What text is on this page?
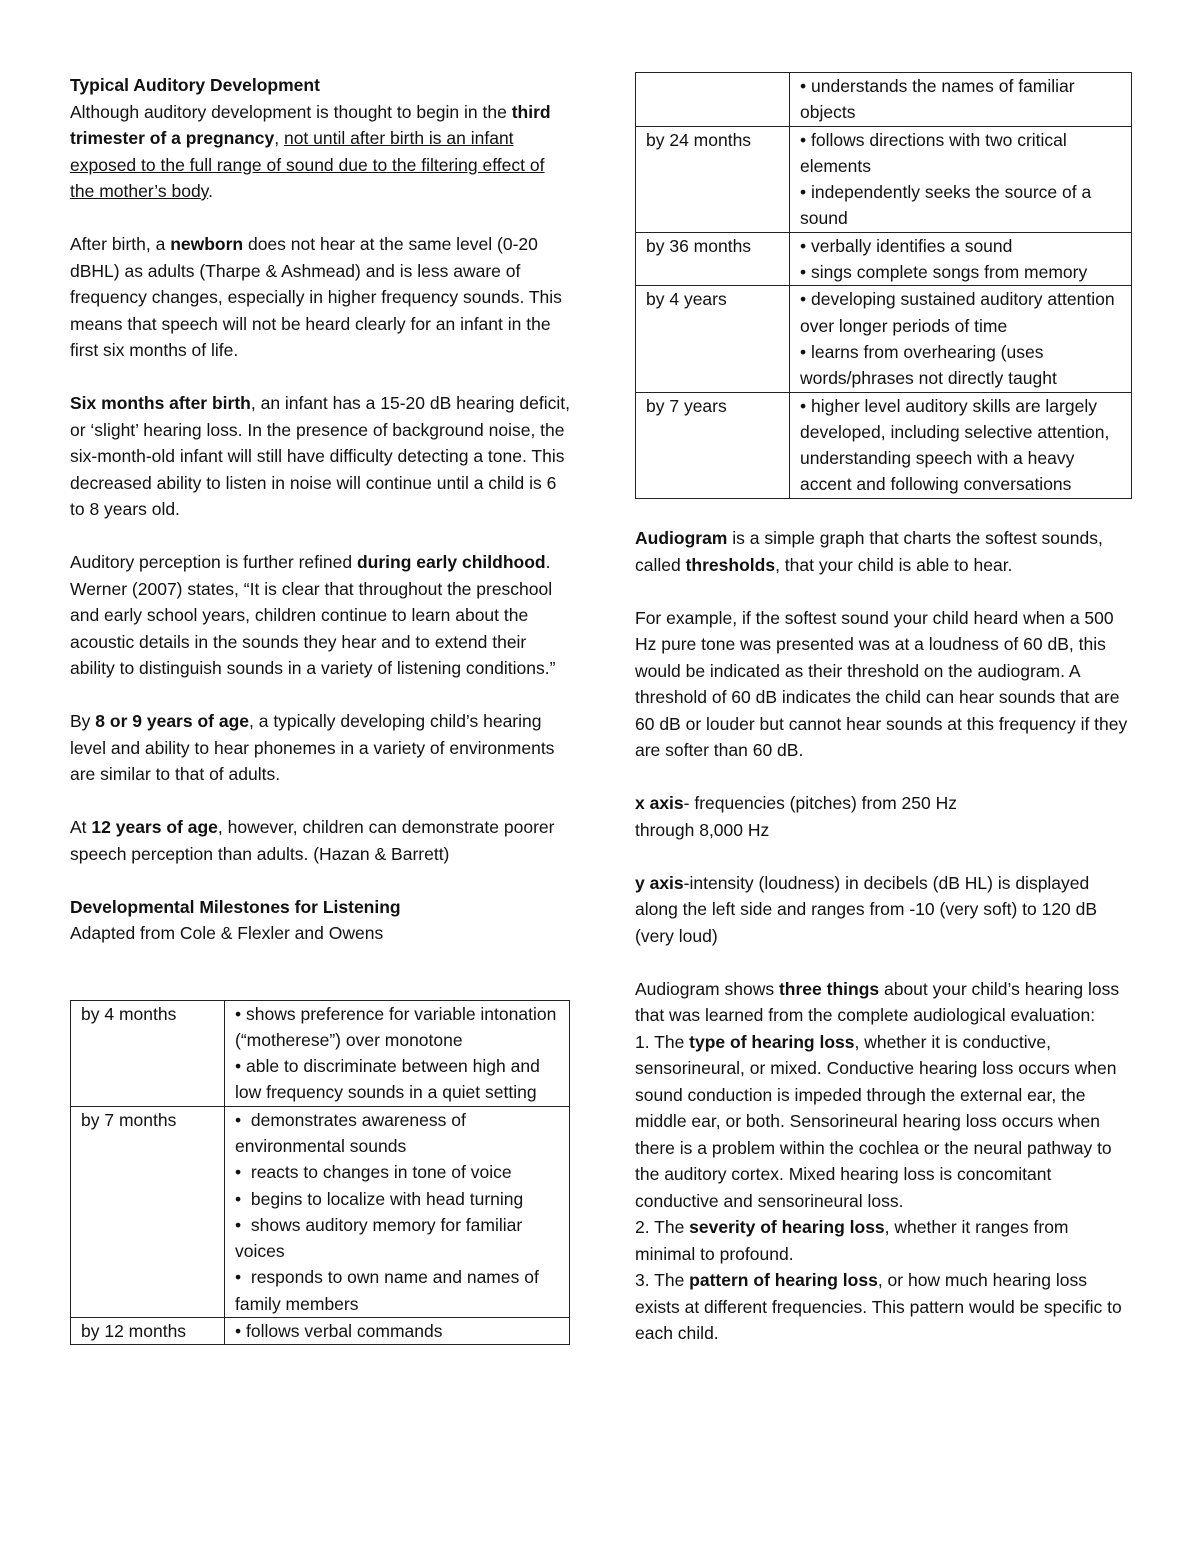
Typical Auditory Development

Although auditory development is thought to begin in the third trimester of a pregnancy, not until after birth is an infant exposed to the full range of sound due to the filtering effect of the mother’s body.

After birth, a newborn does not hear at the same level (0-20 dBHL) as adults (Tharpe & Ashmead) and is less aware of frequency changes, especially in higher frequency sounds. This means that speech will not be heard clearly for an infant in the first six months of life.

Six months after birth, an infant has a 15-20 dB hearing deficit, or ‘slight’ hearing loss. In the presence of background noise, the six-month-old infant will still have difficulty detecting a tone. This decreased ability to listen in noise will continue until a child is 6 to 8 years old.

Auditory perception is further refined during early childhood. Werner (2007) states, “It is clear that throughout the preschool and early school years, children continue to learn about the acoustic details in the sounds they hear and to extend their ability to distinguish sounds in a variety of listening conditions.”

By 8 or 9 years of age, a typically developing child’s hearing level and ability to hear phonemes in a variety of environments are similar to that of adults.

At 12 years of age, however, children can demonstrate poorer speech perception than adults. (Hazan & Barrett)

Developmental Milestones for Listening

Adapted from Cole & Flexler and Owens

by 4 months	• shows preference for variable intonation (“motherese”) over monotone
• able to discriminate between high and low frequency sounds in a quiet setting

by 7 months	•  demonstrates awareness of environmental sounds
•  reacts to changes in tone of voice
•  begins to localize with head turning
•  shows auditory memory for familiar voices
•  responds to own name and names of family members

by 12 months	• follows verbal commands

	• understands the names of familiar objects

by 24 months	• follows directions with two critical elements
• independently seeks the source of a sound

by 36 months	• verbally identifies a sound
• sings complete songs from memory

by 4 years	• developing sustained auditory attention over longer periods of time
• learns from overhearing (uses words/phrases not directly taught

by 7 years	• higher level auditory skills are largely developed, including selective attention, understanding speech with a heavy accent and following conversations

Audiogram is a simple graph that charts the softest sounds, called thresholds, that your child is able to hear.

For example, if the softest sound your child heard when a 500 Hz pure tone was presented was at a loudness of 60 dB, this would be indicated as their threshold on the audiogram. A threshold of 60 dB indicates the child can hear sounds that are 60 dB or louder but cannot hear sounds at this frequency if they are softer than 60 dB.

x axis- frequencies (pitches) from 250 Hz
through 8,000 Hz

y axis-intensity (loudness) in decibels (dB HL) is displayed along the left side and ranges from -10 (very soft) to 120 dB (very loud)

Audiogram shows three things about your child’s hearing loss that was learned from the complete audiological evaluation:

1. The type of hearing loss, whether it is conductive, sensorineural, or mixed. Conductive hearing loss occurs when sound conduction is impeded through the external ear, the middle ear, or both. Sensorineural hearing loss occurs when there is a problem within the cochlea or the neural pathway to the auditory cortex. Mixed hearing loss is concomitant conductive and sensorineural loss.

2. The severity of hearing loss, whether it ranges from minimal to profound.

3. The pattern of hearing loss, or how much hearing loss exists at different frequencies. This pattern would be specific to each child.
